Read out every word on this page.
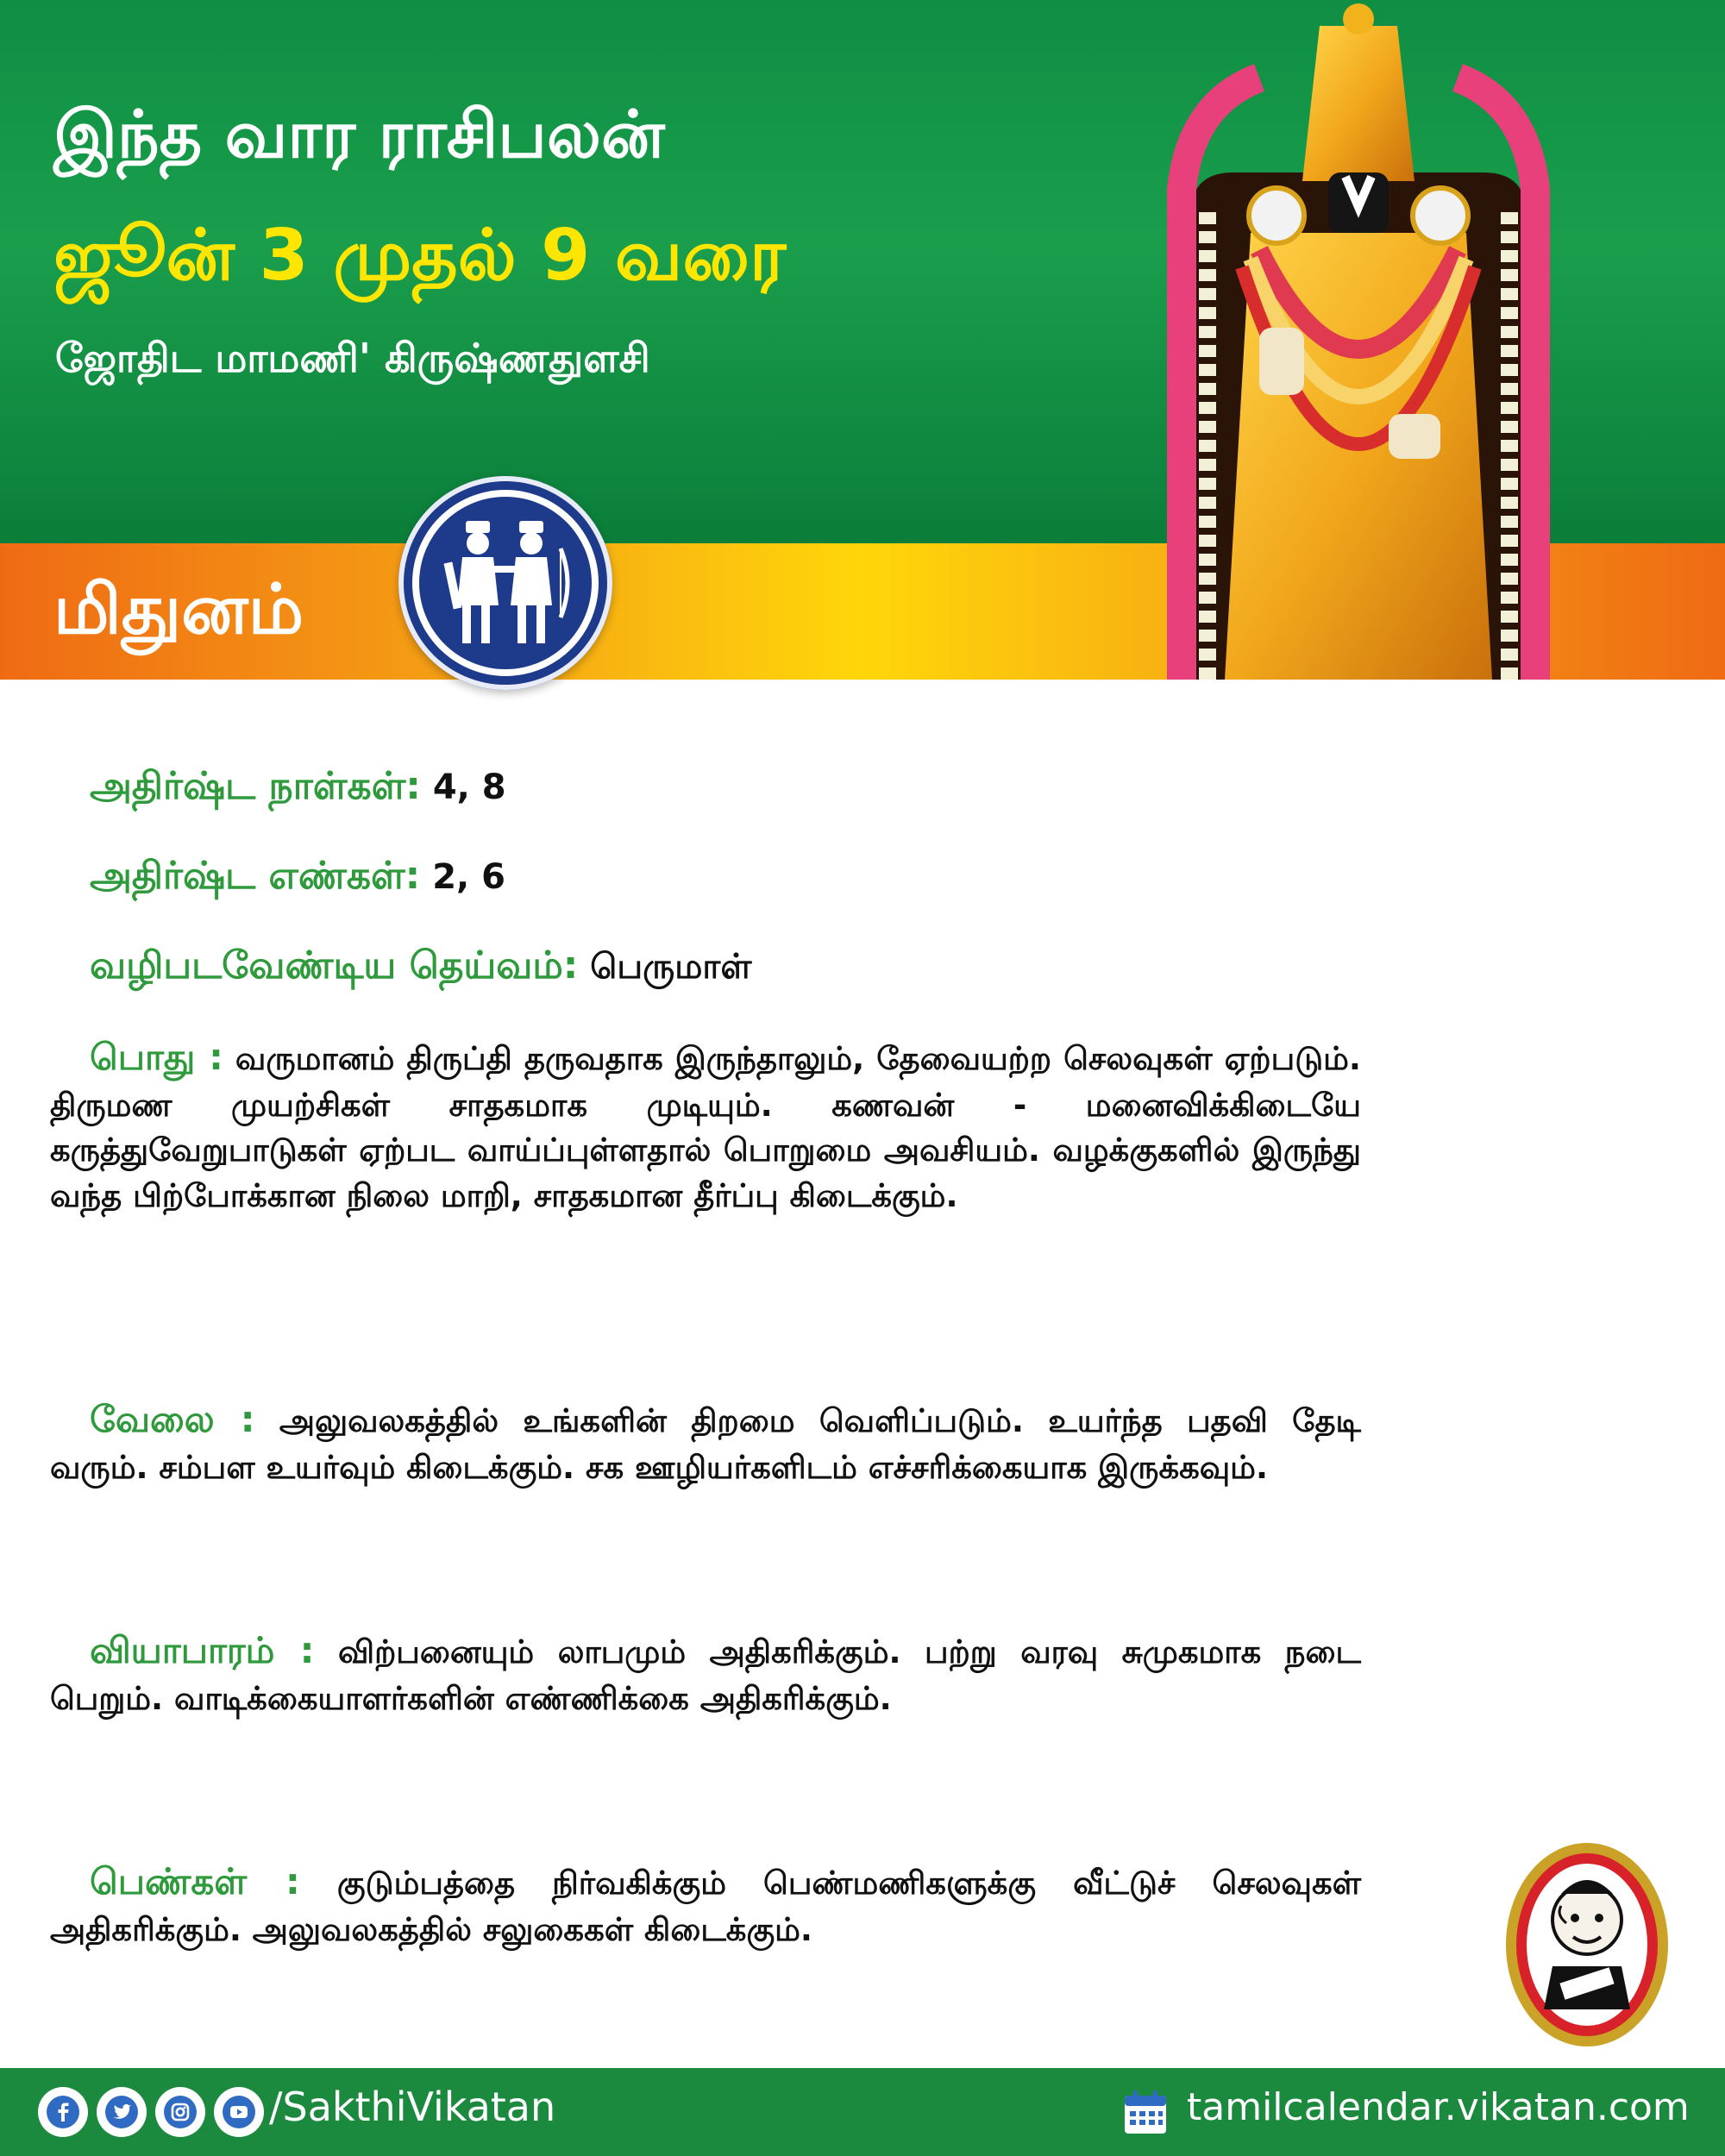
இந்த வார ராசிபலன்
ஜூன் 3 முதல் 9 வரை
ஜோதிட மாமணி' கிருஷ்ணதுளசி
மிதுனம்
அதிர்ஷ்ட நாள்கள்: 4, 8
அதிர்ஷ்ட எண்கள்: 2, 6
வழிபடவேண்டிய தெய்வம்: பெருமாள்
பொது : வருமானம் திருப்தி தருவதாக இருந்தாலும், தேவையற்ற செலவுகள் ஏற்படும். திருமண முயற்சிகள் சாதகமாக முடியும். கணவன் - மனைவிக்கிடையே கருத்துவேறுபாடுகள் ஏற்பட வாய்ப்புள்ளதால் பொறுமை அவசியம். வழக்குகளில் இருந்து வந்த பிற்போக்கான நிலை மாறி, சாதகமான தீர்ப்பு கிடைக்கும்.
வேலை : அலுவலகத்தில் உங்களின் திறமை வெளிப்படும். உயர்ந்த பதவி தேடி வரும். சம்பள உயர்வும் கிடைக்கும். சக ஊழியர்களிடம் எச்சரிக்கையாக இருக்கவும்.
வியாபாரம் : விற்பனையும் லாபமும் அதிகரிக்கும். பற்று வரவு சுமுகமாக நடை பெறும். வாடிக்கையாளர்களின் எண்ணிக்கை அதிகரிக்கும்.
பெண்கள் : குடும்பத்தை நிர்வகிக்கும் பெண்மணிகளுக்கு வீட்டுச் செலவுகள் அதிகரிக்கும். அலுவலகத்தில் சலுகைகள் கிடைக்கும்.
/SakthiVikatan	tamilcalendar.vikatan.com
